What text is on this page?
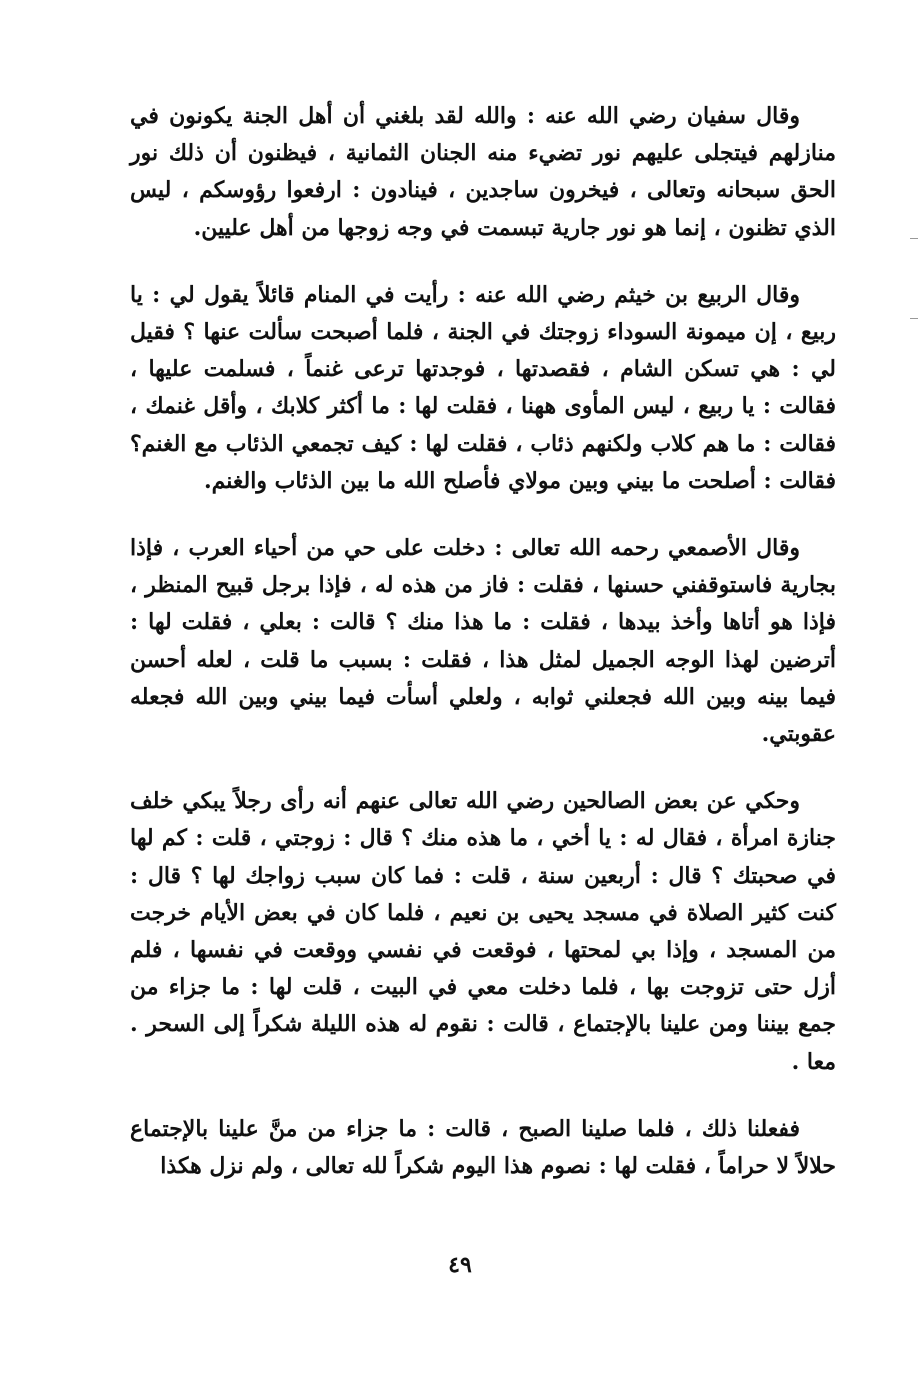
وقال سفيان رضي الله عنه : والله لقد بلغني أن أهل الجنة يكونون في منازلهم فيتجلى عليهم نور تضيء منه الجنان الثمانية ، فيظنون أن ذلك نور الحق سبحانه وتعالى ، فيخرون ساجدين ، فينادون : ارفعوا رؤوسكم ، ليس الذي تظنون ، إنما هو نور جارية تبسمت في وجه زوجها من أهل عليين.

وقال الربيع بن خيثم رضي الله عنه : رأيت في المنام قائلاً يقول لي : يا ربيع ، إن ميمونة السوداء زوجتك في الجنة ، فلما أصبحت سألت عنها ؟ فقيل لي : هي تسكن الشام ، فقصدتها ، فوجدتها ترعى غنماً ، فسلمت عليها ، فقالت : يا ربيع ، ليس المأوى ههنا ، فقلت لها : ما أكثر كلابك ، وأقل غنمك ، فقالت : ما هم كلاب ولكنهم ذئاب ، فقلت لها : كيف تجمعي الذئاب مع الغنم؟ فقالت : أصلحت ما بيني وبين مولاي فأصلح الله ما بين الذئاب والغنم.

وقال الأصمعي رحمه الله تعالى : دخلت على حي من أحياء العرب ، فإذا بجارية فاستوقفني حسنها ، فقلت : فاز من هذه له ، فإذا برجل قبيح المنظر ، فإذا هو أتاها وأخذ بيدها ، فقلت : ما هذا منك ؟ قالت : بعلي ، فقلت لها : أترضين لهذا الوجه الجميل لمثل هذا ، فقلت : بسبب ما قلت ، لعله أحسن فيما بينه وبين الله فجعلني ثوابه ، ولعلي أسأت فيما بيني وبين الله فجعله عقوبتي.

وحكي عن بعض الصالحين رضي الله تعالى عنهم أنه رأى رجلاً يبكي خلف جنازة امرأة ، فقال له : يا أخي ، ما هذه منك ؟ قال : زوجتي ، قلت : كم لها في صحبتك ؟ قال : أربعين سنة ، قلت : فما كان سبب زواجك لها ؟ قال : كنت كثير الصلاة في مسجد يحيى بن نعيم ، فلما كان في بعض الأيام خرجت من المسجد ، وإذا بي لمحتها ، فوقعت في نفسي ووقعت في نفسها ، فلم أزل حتى تزوجت بها ، فلما دخلت معي في البيت ، قلت لها : ما جزاء من جمع بيننا ومن علينا بالإجتماع ، قالت : نقوم له هذه الليلة شكراً إلى السحر . معا .

ففعلنا ذلك ، فلما صلينا الصبح ، قالت : ما جزاء من منَّ علينا بالإجتماع حلالاً لا حراماً ، فقلت لها : نصوم هذا اليوم شكراً لله تعالى ، ولم نزل هكذا

٤٩
